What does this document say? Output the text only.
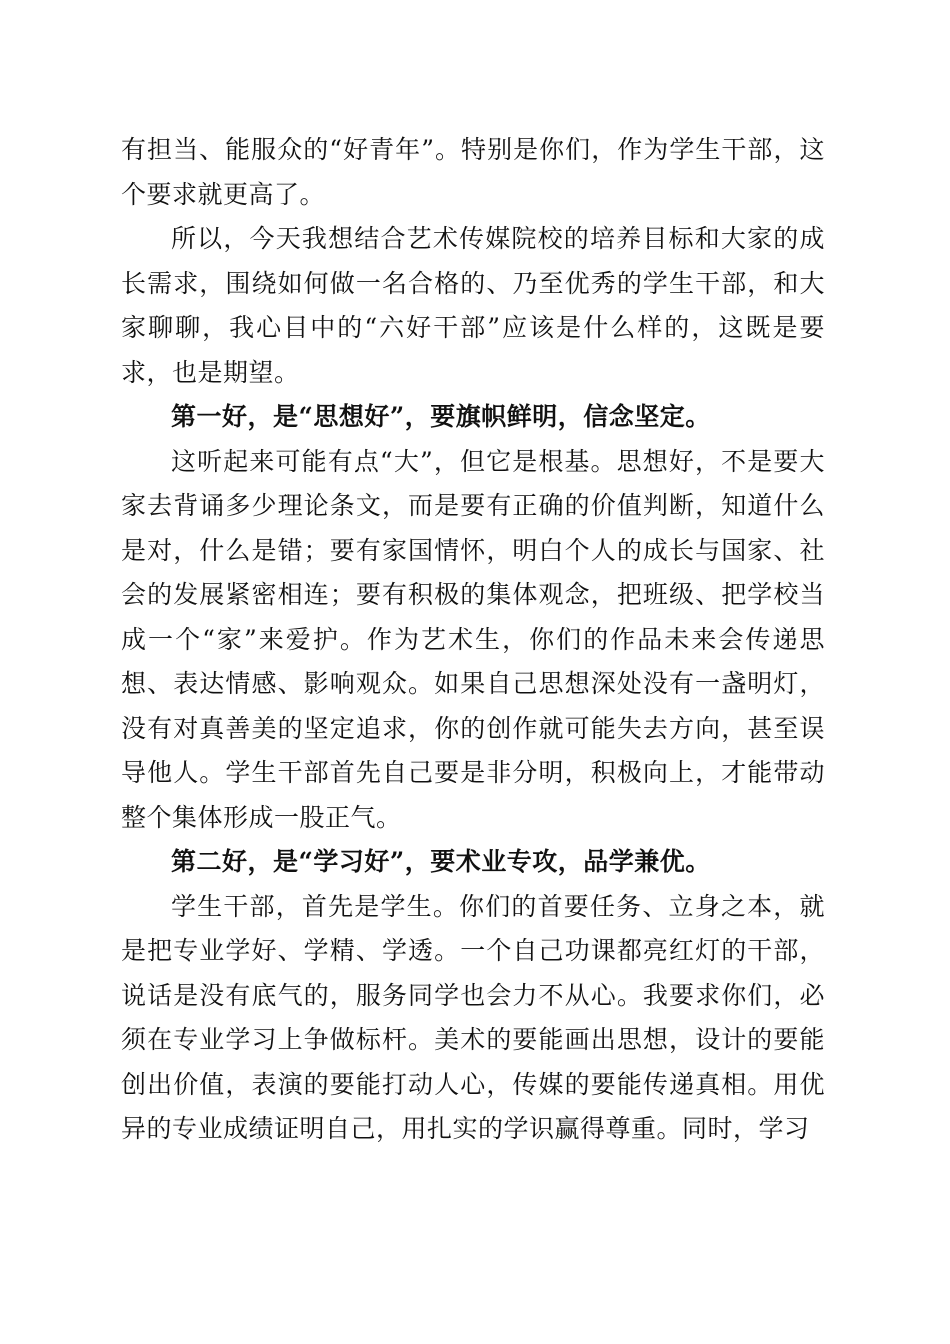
有担当、能服众的“好青年”。特别是你们，作为学生干部，这个要求就更高了。

所以，今天我想结合艺术传媒院校的培养目标和大家的成长需求，围绕如何做一名合格的、乃至优秀的学生干部，和大家聊聊，我心目中的“六好干部”应该是什么样的，这既是要求，也是期望。

第一好，是“思想好”，要旗帜鲜明，信念坚定。

这听起来可能有点“大”，但它是根基。思想好，不是要大家去背诵多少理论条文，而是要有正确的价值判断，知道什么是对，什么是错；要有家国情怀，明白个人的成长与国家、社会的发展紧密相连；要有积极的集体观念，把班级、把学校当成一个“家”来爱护。作为艺术生，你们的作品未来会传递思想、表达情感、影响观众。如果自己思想深处没有一盏明灯，没有对真善美的坚定追求，你的创作就可能失去方向，甚至误导他人。学生干部首先自己要是非分明，积极向上，才能带动整个集体形成一股正气。

第二好，是“学习好”，要术业专攻，品学兼优。

学生干部，首先是学生。你们的首要任务、立身之本，就是把专业学好、学精、学透。一个自己功课都亮红灯的干部，说话是没有底气的，服务同学也会力不从心。我要求你们，必须在专业学习上争做标杆。美术的要能画出思想，设计的要能创出价值，表演的要能打动人心，传媒的要能传递真相。用优异的专业成绩证明自己，用扎实的学识赢得尊重。同时，学习
